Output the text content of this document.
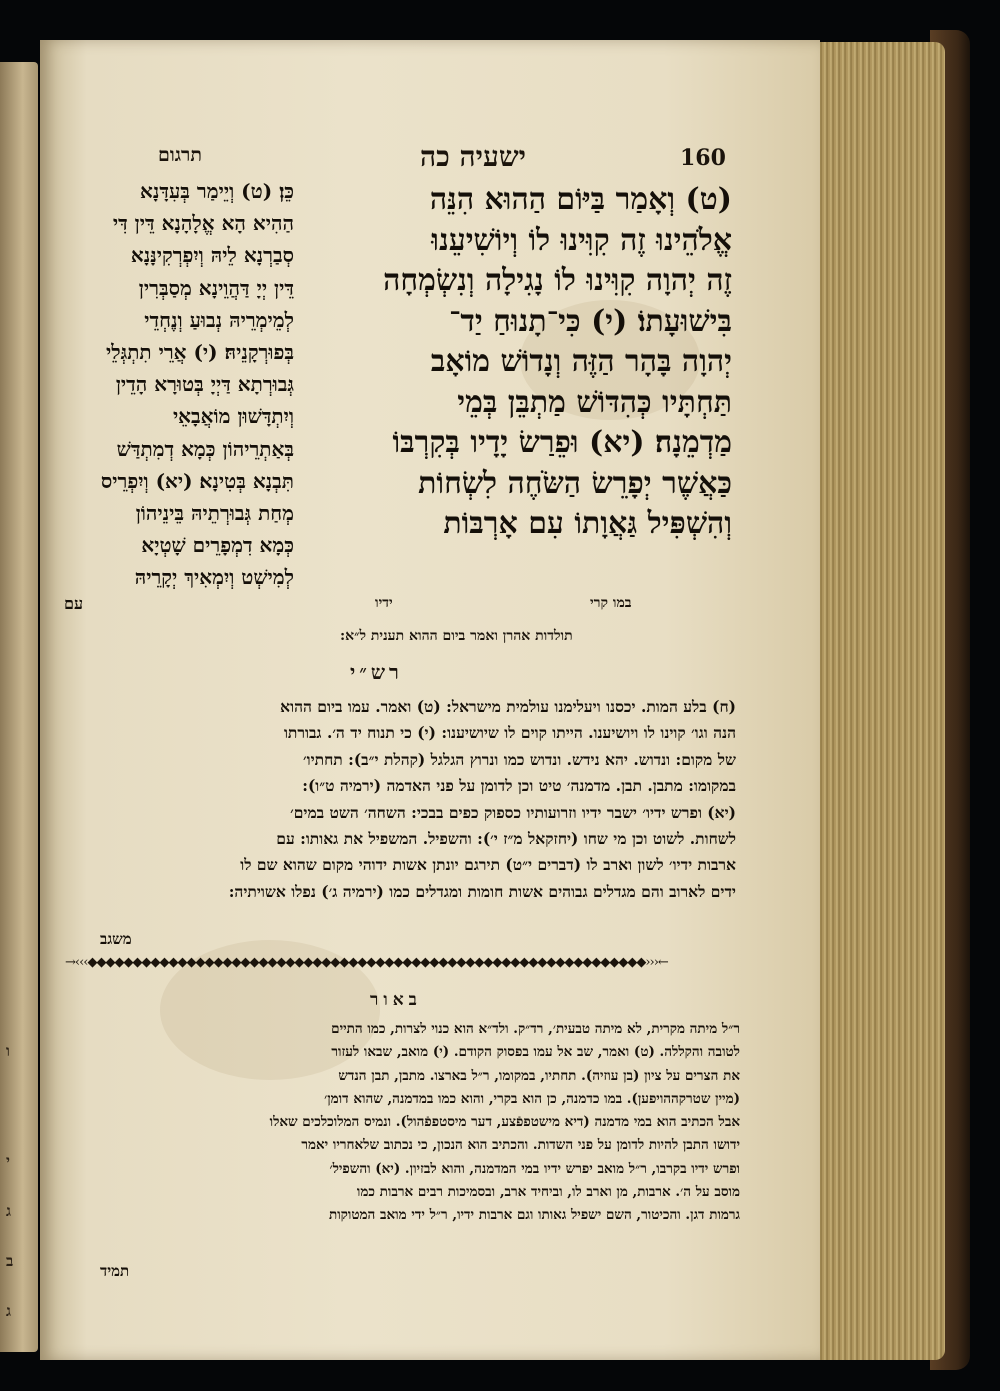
ו
י
ג
ב
ג
160
ישעיה כה
תרגום
(ט) וְאָמַר בַּיּוֹם הַהוּא הִנֵּה
אֱלֹהֵינוּ זֶה קִוִּינוּ לוֹ וְיוֹשִׁיעֵנוּ
זֶה יְהוָה קִוִּינוּ לוֹ נָגִילָה וְנִשְׂמְחָה
בִּישׁוּעָתוֹ׃ (י) כִּי־תָנוּחַ יַד־
יְהוָה בָּהָר הַזֶּה וְנָדוֹשׁ מוֹאָב
תַּחְתָּיו כְּהִדּוֹשׁ מַתְבֵּן בְּמֵי
מַדְמֵנָה׃ (יא) וּפֵרַשׂ יָדָיו בְּקִרְבּוֹ
כַּאֲשֶׁר יְפָרֵשׂ הַשֹּׂחֶה לִשְׂחוֹת
וְהִשְׁפִּיל גַּאֲוָתוֹ עִם אָרְבּוֹת
כֵּן׃ (ט) וְיֵימַר בְּעִדָּנָא
הַהִיא הָא אֱלָהָנָא דֵּין דִּי
סְבַרְנָא לֵיהּ וְיִפְרְקִינָּנָא
דֵּין יְיָ דַּהֲוֵינָא מְסַבְּרִין
לְמֵימְרֵיהּ נְבוּעַ וְנֶחְדֵי
בְּפוּרְקָנֵיהּ׃ (י) אֲרֵי תִתְגְּלֵי
גְּבוּרְתָא דַּיְיָ בְּטוּרָא הָדֵין
וְיִתְדָּשׁוּן מוֹאֲבָאֵי
בְּאַתְרֵיהוֹן כְּמָא דְמִתְדַּשׁ
תִּבְנָא בְּטִינָא׃ (יא) וְיִפְרֵיס
מְחַת גְּבוּרְתֵיהּ בֵּינֵיהוֹן
כְּמָא דִמְפָרֵים שָׁטְיָא
לְמִישְׁט וְיִמְאִיךְ יְקָרֵיהּ
עם	במו קרי
ידיו
תולדות אהרן ואמר ביום ההוא תענית ל״א:
רש״י
(ח) בלע המות. יכסנו ויעלימנו עולמית מישראל: (ט) ואמר. עמו ביום ההוא
הנה וגו׳ קוינו לו ויושיענו. הייתו קוים לו שיושיענו: (י) כי תנוח יד ה׳. גבורתו
של מקום: ונדוש. יהא נידש. ונדוש כמו ונרוץ הגלגל (קהלת י״ב): תחתיו׳
במקומו: מתבן. תבן. מדמנה׳ טיט וכן לדומן על פני האדמה (ירמיה ט״ו):
(יא) ופרש ידיו׳ ישבר ידיו וזרועותיו כספוק כפים בבכי: השחה׳ השט במים׳
לשחות. לשוט וכן מי שחו (יחזקאל מ״ז י׳): והשפיל. המשפיל את גאותו: עם
ארבות ידיו׳ לשון וארב לו (דברים י״ט) תירגם יונתן אשות ידוהי מקום שהוא שם לו
ידים לארוב והם מגדלים גבוהים אשות חומות ומגדלים כמו (ירמיה ג׳) נפלו אשויתיה:
משגב
→‹‹‹◆◆◆◆◆◆◆◆◆◆◆◆◆◆◆◆◆◆◆◆◆◆◆◆◆◆◆◆◆◆◆◆◆◆◆◆◆◆◆◆◆◆◆◆◆◆◆◆◆◆◆◆◆◆◆◆◆◆◆◆◆◆›››←
באור
ר״ל מיתה מקרית, לא מיתה טבעית׳, רד״ק. ולד״א הוא כנוי לצרות, כמו התיים
לטובה והקללה. (ט) ואמר, שב אל עמו בפסוק הקודם. (י) מואב, שבאו לעזור
את הצרים על ציון (בן עוזיה). תחתיו, במקומו, ר״ל בארצו. מתבן, תבן הנדש
(מיין שטרקההויפען). במו כדמנה, כן הוא בקרי, והוא כמו במדמנה, שהוא דומן׳
אבל הכתיב הוא במי מדמנה (דיא מישטפפֿצע, דער מיסטפפֿהול). ונמיס המלוכלכים שאלו
ידושו התבן להיות לדומן על פני השדות. והכתיב הוא הנכון, כי נכתוב שלאחריו יאמר
ופרש ידיו בקרבו, ר״ל מואב יפרש ידיו במי המדמנה, והוא לבזיון. (יא) והשפיל׳
מוסב על ה׳. ארבות, מן וארב לו, וביחיד ארב, ובסמיכות רבים ארבות כמו
גרמות דגן. והכיטור, השם ישפיל גאותו וגם ארבות ידיו, ר״ל ידי מואב המטוקות
תמיד
